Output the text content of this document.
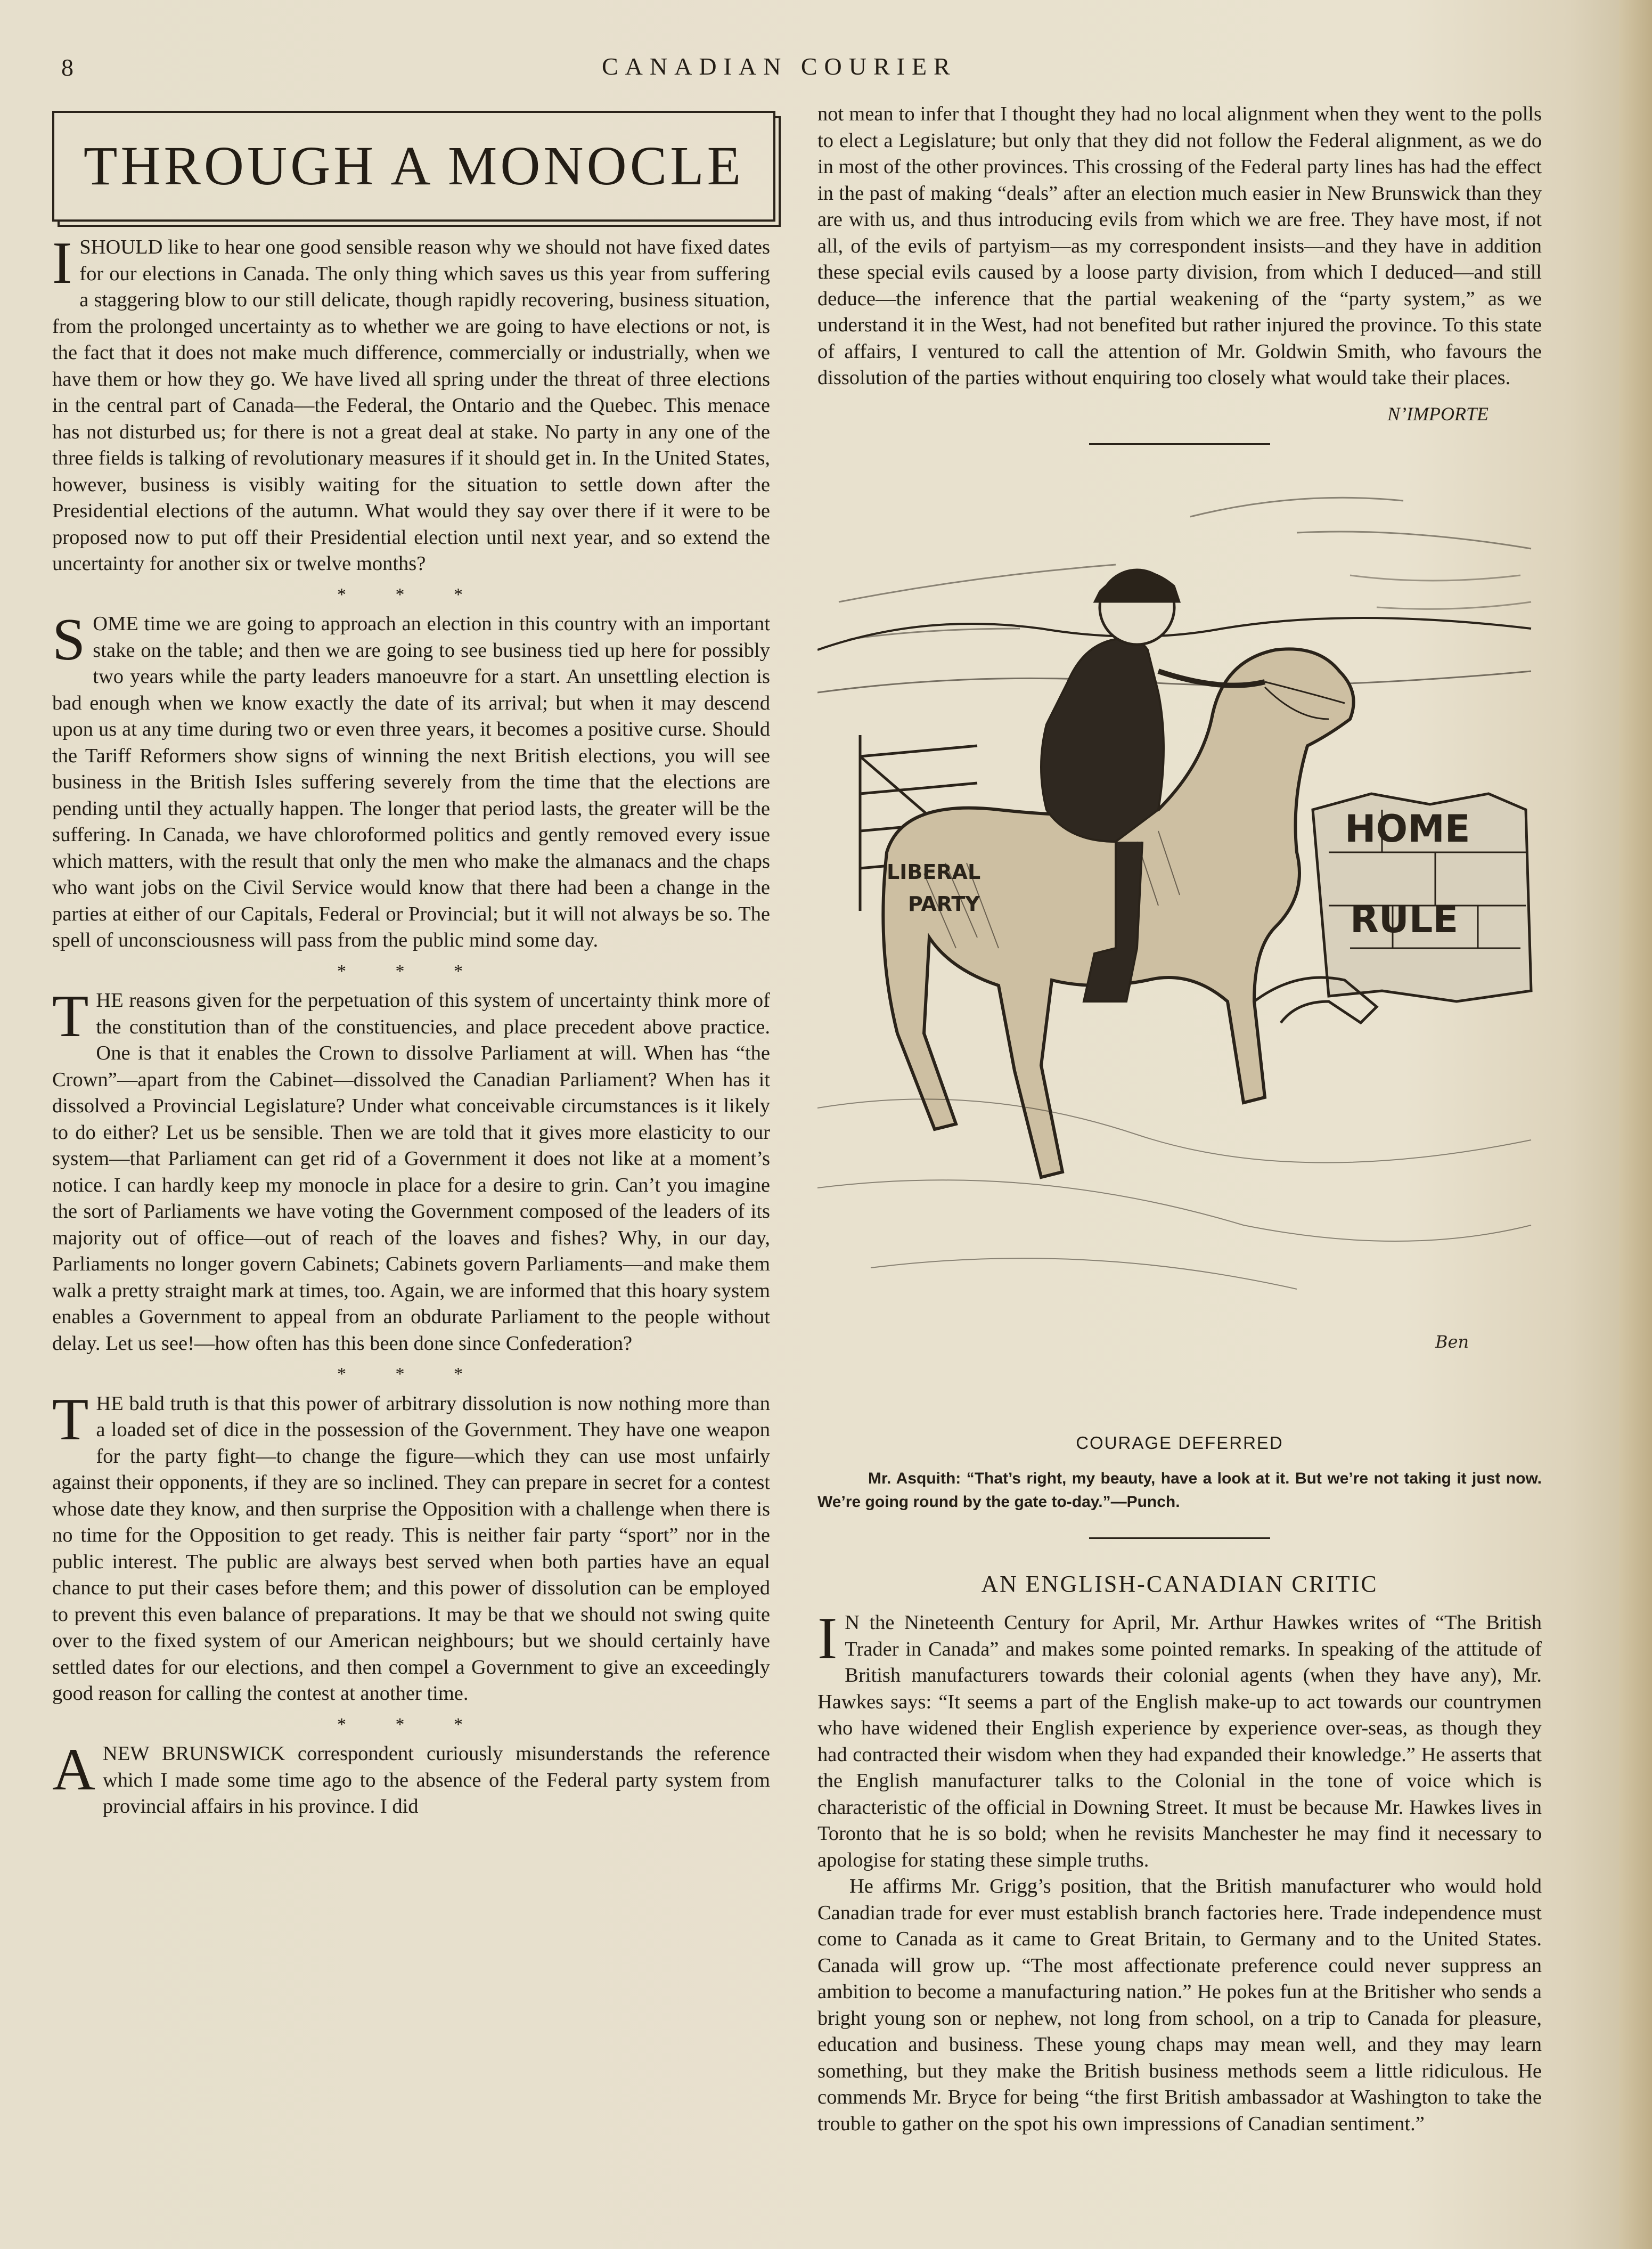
8	CANADIAN COURIER
THROUGH A MONOCLE

ISHOULD like to hear one good sensible reason why we should not have fixed dates for our elections in Canada. The only thing which saves us this year from suffering a staggering blow to our still delicate, though rapidly recovering, business situation, from the prolonged uncertainty as to whether we are going to have elections or not, is the fact that it does not make much difference, commercially or industrially, when we have them or how they go. We have lived all spring under the threat of three elections in the central part of Canada—the Federal, the Ontario and the Quebec. This menace has not disturbed us; for there is not a great deal at stake. No party in any one of the three fields is talking of revolutionary measures if it should get in. In the United States, however, business is visibly waiting for the situation to settle down after the Presidential elections of the autumn. What would they say over there if it were to be proposed now to put off their Presidential election until next year, and so extend the uncertainty for another six or twelve months?

* * *

SOME time we are going to approach an election in this country with an important stake on the table; and then we are going to see business tied up here for possibly two years while the party leaders manoeuvre for a start. An unsettling election is bad enough when we know exactly the date of its arrival; but when it may descend upon us at any time during two or even three years, it becomes a positive curse. Should the Tariff Reformers show signs of winning the next British elections, you will see business in the British Isles suffering severely from the time that the elections are pending until they actually happen. The longer that period lasts, the greater will be the suffering. In Canada, we have chloroformed politics and gently removed every issue which matters, with the result that only the men who make the almanacs and the chaps who want jobs on the Civil Service would know that there had been a change in the parties at either of our Capitals, Federal or Provincial; but it will not always be so. The spell of unconsciousness will pass from the public mind some day.

* * *

THE reasons given for the perpetuation of this system of uncertainty think more of the constitution than of the constituencies, and place precedent above practice. One is that it enables the Crown to dissolve Parliament at will. When has “the Crown”—apart from the Cabinet—dissolved the Canadian Parliament? When has it dissolved a Provincial Legislature? Under what conceivable circumstances is it likely to do either? Let us be sensible. Then we are told that it gives more elasticity to our system—that Parliament can get rid of a Government it does not like at a moment’s notice. I can hardly keep my monocle in place for a desire to grin. Can’t you imagine the sort of Parliaments we have voting the Government composed of the leaders of its majority out of office—out of reach of the loaves and fishes? Why, in our day, Parliaments no longer govern Cabinets; Cabinets govern Parliaments—and make them walk a pretty straight mark at times, too. Again, we are informed that this hoary system enables a Government to appeal from an obdurate Parliament to the people without delay. Let us see!—how often has this been done since Confederation?

* * *

THE bald truth is that this power of arbitrary dissolution is now nothing more than a loaded set of dice in the possession of the Government. They have one weapon for the party fight—to change the figure—which they can use most unfairly against their opponents, if they are so inclined. They can prepare in secret for a contest whose date they know, and then surprise the Opposition with a challenge when there is no time for the Opposition to get ready. This is neither fair party “sport” nor in the public interest. The public are always best served when both parties have an equal chance to put their cases before them; and this power of dissolution can be employed to prevent this even balance of preparations. It may be that we should not swing quite over to the fixed system of our American neighbours; but we should certainly have settled dates for our elections, and then compel a Government to give an exceedingly good reason for calling the contest at another time.

* * *

ANEW BRUNSWICK correspondent curiously misunderstands the reference which I made some time ago to the absence of the Federal party system from provincial affairs in his province. I did

not mean to infer that I thought they had no local alignment when they went to the polls to elect a Legislature; but only that they did not follow the Federal alignment, as we do in most of the other provinces. This crossing of the Federal party lines has had the effect in the past of making “deals” after an election much easier in New Brunswick than they are with us, and thus introducing evils from which we are free. They have most, if not all, of the evils of partyism—as my correspondent insists—and they have in addition these special evils caused by a loose party division, from which I deduced—and still deduce—the inference that the partial weakening of the “party system,” as we understand it in the West, had not benefited but rather injured the province. To this state of affairs, I ventured to call the attention of Mr. Goldwin Smith, who favours the dissolution of the parties without enquiring too closely what would take their places.

N’IMPORTE
HOME
RULE
LIBERAL
PARTY
Ben
COURAGE DEFERRED
Mr. Asquith: “That’s right, my beauty, have a look at it. But we’re not taking it just now. We’re going round by the gate to-day.”—Punch.
AN ENGLISH-CANADIAN CRITIC

I N the Nineteenth Century for April, Mr. Arthur Hawkes writes of “The British Trader in Canada” and makes some pointed remarks. In speaking of the attitude of British manufacturers towards their colonial agents (when they have any), Mr. Hawkes says: “It seems a part of the English make-up to act towards our countrymen who have widened their English experience by experience over-seas, as though they had contracted their wisdom when they had expanded their knowledge.” He asserts that the English manufacturer talks to the Colonial in the tone of voice which is characteristic of the official in Downing Street. It must be because Mr. Hawkes lives in Toronto that he is so bold; when he revisits Manchester he may find it necessary to apologise for stating these simple truths.

He affirms Mr. Grigg’s position, that the British manufacturer who would hold Canadian trade for ever must establish branch factories here. Trade independence must come to Canada as it came to Great Britain, to Germany and to the United States. Canada will grow up. “The most affectionate preference could never suppress an ambition to become a manufacturing nation.” He pokes fun at the Britisher who sends a bright young son or nephew, not long from school, on a trip to Canada for pleasure, education and business. These young chaps may mean well, and they may learn something, but they make the British business methods seem a little ridiculous. He commends Mr. Bryce for being “the first British ambassador at Washington to take the trouble to gather on the spot his own impressions of Canadian sentiment.”
